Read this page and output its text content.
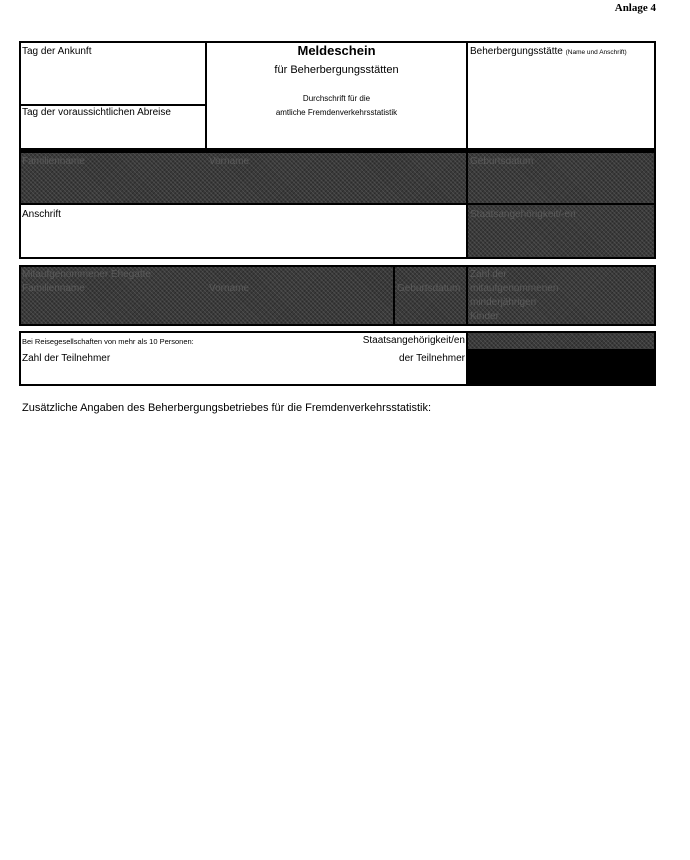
Anlage 4
Tag der Ankunft
Tag der voraussichtlichen Abreise
Meldeschein
für Beherbergungsstätten
Durchschrift für die
amtliche Fremdenverkehrsstatistik
Beherbergungsstätte (Name und Anschrift)
Familienname	Vorname	Geburtsdatum
Anschrift	Staatsangehörigkeit/-en
Mitaufgenommener Ehegatte
Familienname	Vorname	Geburtsdatum
Zahl der
mitaufgenommenen
minderjährigen
Kinder
Bei Reisegesellschaften von mehr als 10 Personen:	Staatsangehörigkeit/en
Zahl der Teilnehmer	der Teilnehmer
Zusätzliche Angaben des Beherbergungsbetriebes für die Fremdenverkehrsstatistik:
